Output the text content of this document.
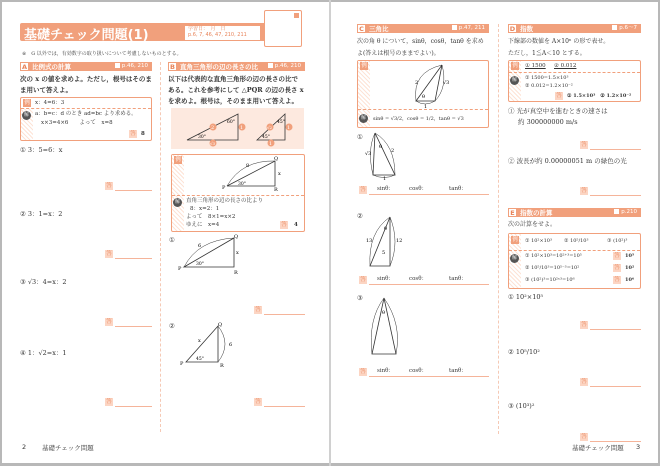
基礎チェック問題(1)	学習日：　月　日
p.6, 7, 46, 47, 210, 211
※　G 以外では，有効数字の取り扱いについて考慮しないものとする。
A 比例式の計算	p.46, 210
次の x の値を求めよ。ただし，根号はそのま
ま用いて答えよ。
例 x：4=6：3
解	a：b=c：d のとき ad=bc より求める。
x×3=4×6　　よって　x=8
答 8
① 3：5=6：x
答
② 3：1=x：2
答
③ √3：4=x：2
答
④ 1：√2=x：1
答
B 直角三角形の辺の長さの比	p.46, 210
以下は代表的な直角三角形の辺の長さの比で
ある。これを参考にして △PQR の辺の長さ x
を求めよ。根号は，そのまま用いて答えよ。
2	1
√3
60°
30°
√2	1
1
45°
45°
例
P
Q
R
8
x
30°
解	直角三角形の辺の長さの比より
8：x=2：1
よって　8×1=x×2
ゆえに　x=4	答 4
①
P
Q
R
6
x
30°
答
②
P
Q
R
x
6
45°
答
2 基礎チェック問題
C 三角比	p.47, 211
次の角 θ について，sinθ，cosθ，tanθ を求め
よ(答えは根号のままでよい)。
例
2	√3
1
θ
解	sinθ = √3/2，cosθ = 1/2，tanθ = √3
①
√3	2
1
θ
答 sinθ：	cosθ：	tanθ：
②
13	12
5
θ
答 sinθ：	cosθ：	tanθ：
③
θ
答 sinθ：	cosθ：	tanθ：
D 指数	p.6〜7
下線部の数値を A×10ⁿ の形で表せ。
ただし，1≦A＜10 とする。
例 ① 1500 ② 0.012
解	① 1500=1.5×10³
② 0.012=1.2×10⁻²
答 ① 1.5×10³　② 1.2×10⁻²
① 光が真空中を進むときの速さは
約 300000000 m/s
答
② 波長が約 0.00000051 m の緑色の光
答
E 指数の計算	p.210
次の計算をせよ。
例 ① 10²×10³ ② 10⁵/10³	③ (10²)³
解	① 10²×10³=10²⁺³=10⁵
② 10⁵/10³=10⁵⁻³=10²
③ (10²)³=10²ˣ³=10⁶
答 10⁵
答 10²
答 10⁶
① 10²×10⁵
答
② 10⁵/10²
答
③ (10³)²
答
基礎チェック問題 3
